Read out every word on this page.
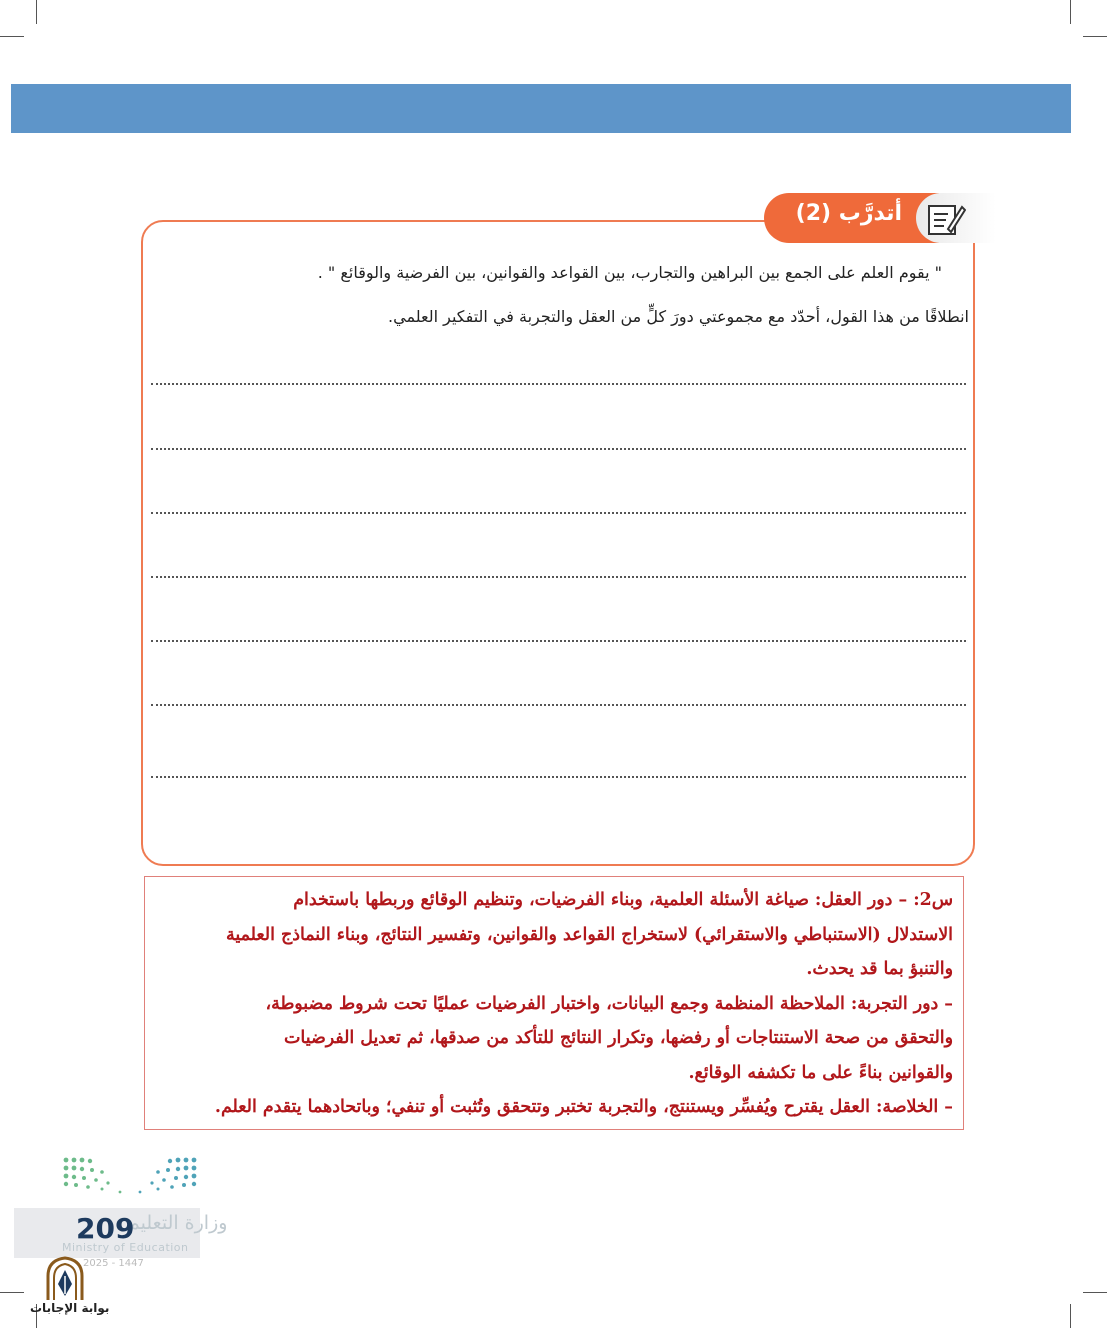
أتدرَّب (2)
" يقوم العلم على الجمع بين البراهين والتجارب، بين القواعد والقوانين، بين الفرضية والوقائع " .
انطلاقًا من هذا القول، أحدّد مع مجموعتي دورَ كلٍّ من العقل والتجربة في التفكير العلمي.

س2: – دور العقل: صياغة الأسئلة العلمية، وبناء الفرضيات، وتنظيم الوقائع وربطها باستخدام

الاستدلال (الاستنباطي والاستقرائي) لاستخراج القواعد والقوانين، وتفسير النتائج، وبناء النماذج العلمية

والتنبؤ بما قد يحدث.

– دور التجربة: الملاحظة المنظمة وجمع البيانات، واختبار الفرضيات عمليًا تحت شروط مضبوطة،

والتحقق من صحة الاستنتاجات أو رفضها، وتكرار النتائج للتأكد من صدقها، ثم تعديل الفرضيات

والقوانين بناءً على ما تكشفه الوقائع.

– الخلاصة: العقل يقترح ويُفسِّر ويستنتج، والتجربة تختبر وتتحقق وتُثبت أو تنفي؛ وباتحادهما يتقدم العلم.

وزارة التعليم
Ministry of Education
209
2025 - 1447
بوابة الإجابات
